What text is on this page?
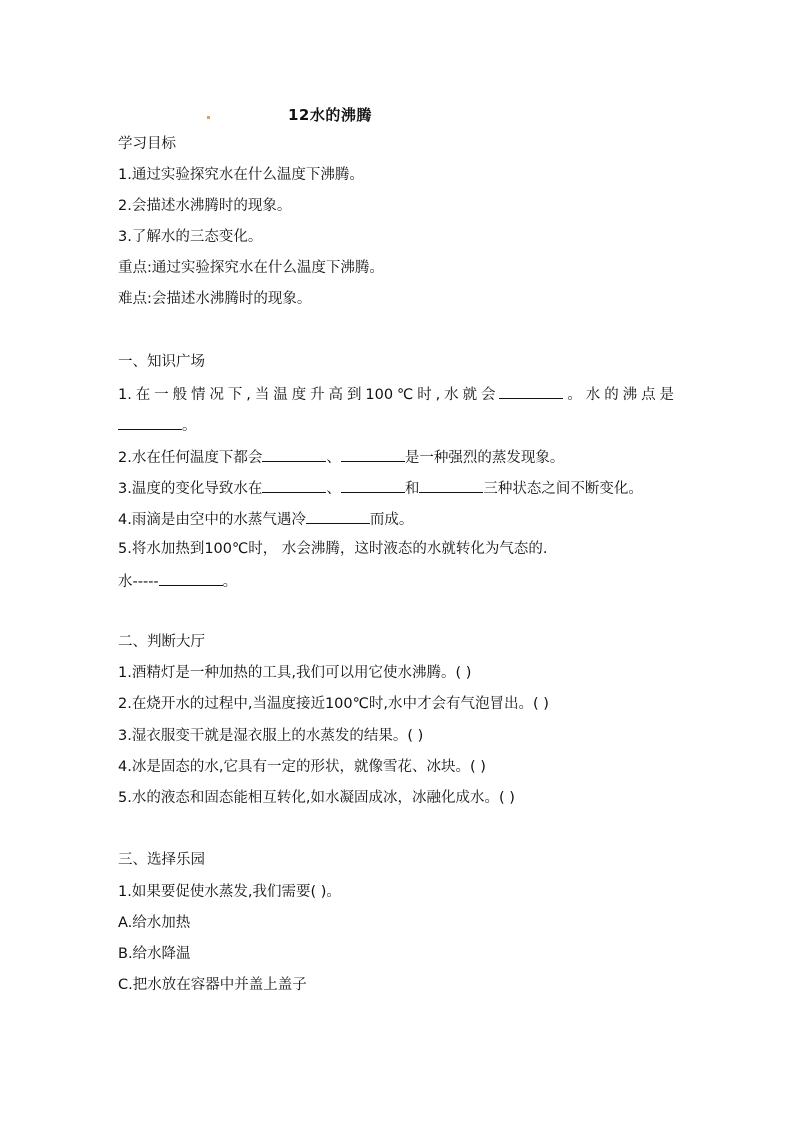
12水的沸腾
学习目标
1.通过实验探究水在什么温度下沸腾。
2.会描述水沸腾时的现象。
3.了解水的三态变化。
重点:通过实验探究水在什么温度下沸腾。
难点:会描述水沸腾时的现象。
一、知识广场
1.在一般情况下,当温度升高到100℃时,水就会	。水的沸点是
。
2.水在任何温度下都会	、	是一种强烈的蒸发现象。
3.温度的变化导致水在	、	和	三种状态之间不断变化。
4.雨滴是由空中的水蒸气遇冷	而成。
5.将水加热到100℃时， 水会沸腾，这时液态的水就转化为气态的.
水-----	。
二、判断大厅
1.酒精灯是一种加热的工具,我们可以用它使水沸腾。( )
2.在烧开水的过程中,当温度接近100℃时,水中才会有气泡冒出。( )
3.湿衣服变干就是湿衣服上的水蒸发的结果。( )
4.冰是固态的水,它具有一定的形状，就像雪花、冰块。( )
5.水的液态和固态能相互转化,如水凝固成冰，冰融化成水。( )
三、选择乐园
1.如果要促使水蒸发,我们需要( )。
A.给水加热
B.给水降温
C.把水放在容器中并盖上盖子
